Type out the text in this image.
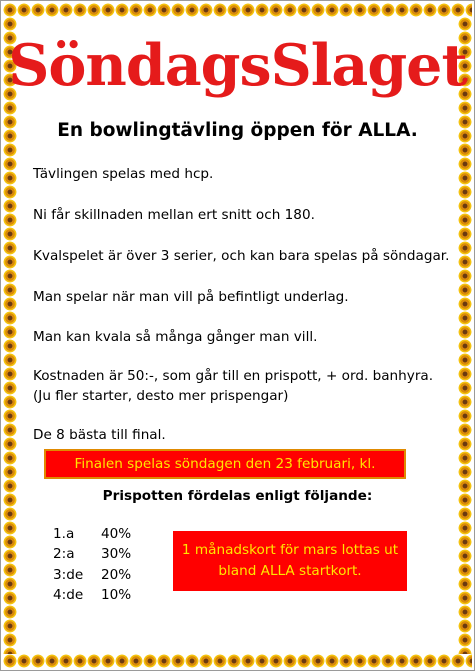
SöndagsSlaget
En bowlingtävling öppen för ALLA.
Tävlingen spelas med hcp.
Ni får skillnaden mellan ert snitt och 180.
Kvalspelet är över 3 serier, och kan bara spelas på söndagar.
Man spelar när man vill på befintligt underlag.
Man kan kvala så många gånger man vill.
Kostnaden är 50:-, som går till en prispott, + ord. banhyra.
(Ju fler starter, desto mer prispengar)
De 8 bästa till final.
Finalen spelas söndagen den 23 februari, kl.
Prispotten fördelas enligt följande:
1.a 40%
2:a 30%
3:de 20%
4:de 10%
1 månadskort för mars lottas ut
bland ALLA startkort.
